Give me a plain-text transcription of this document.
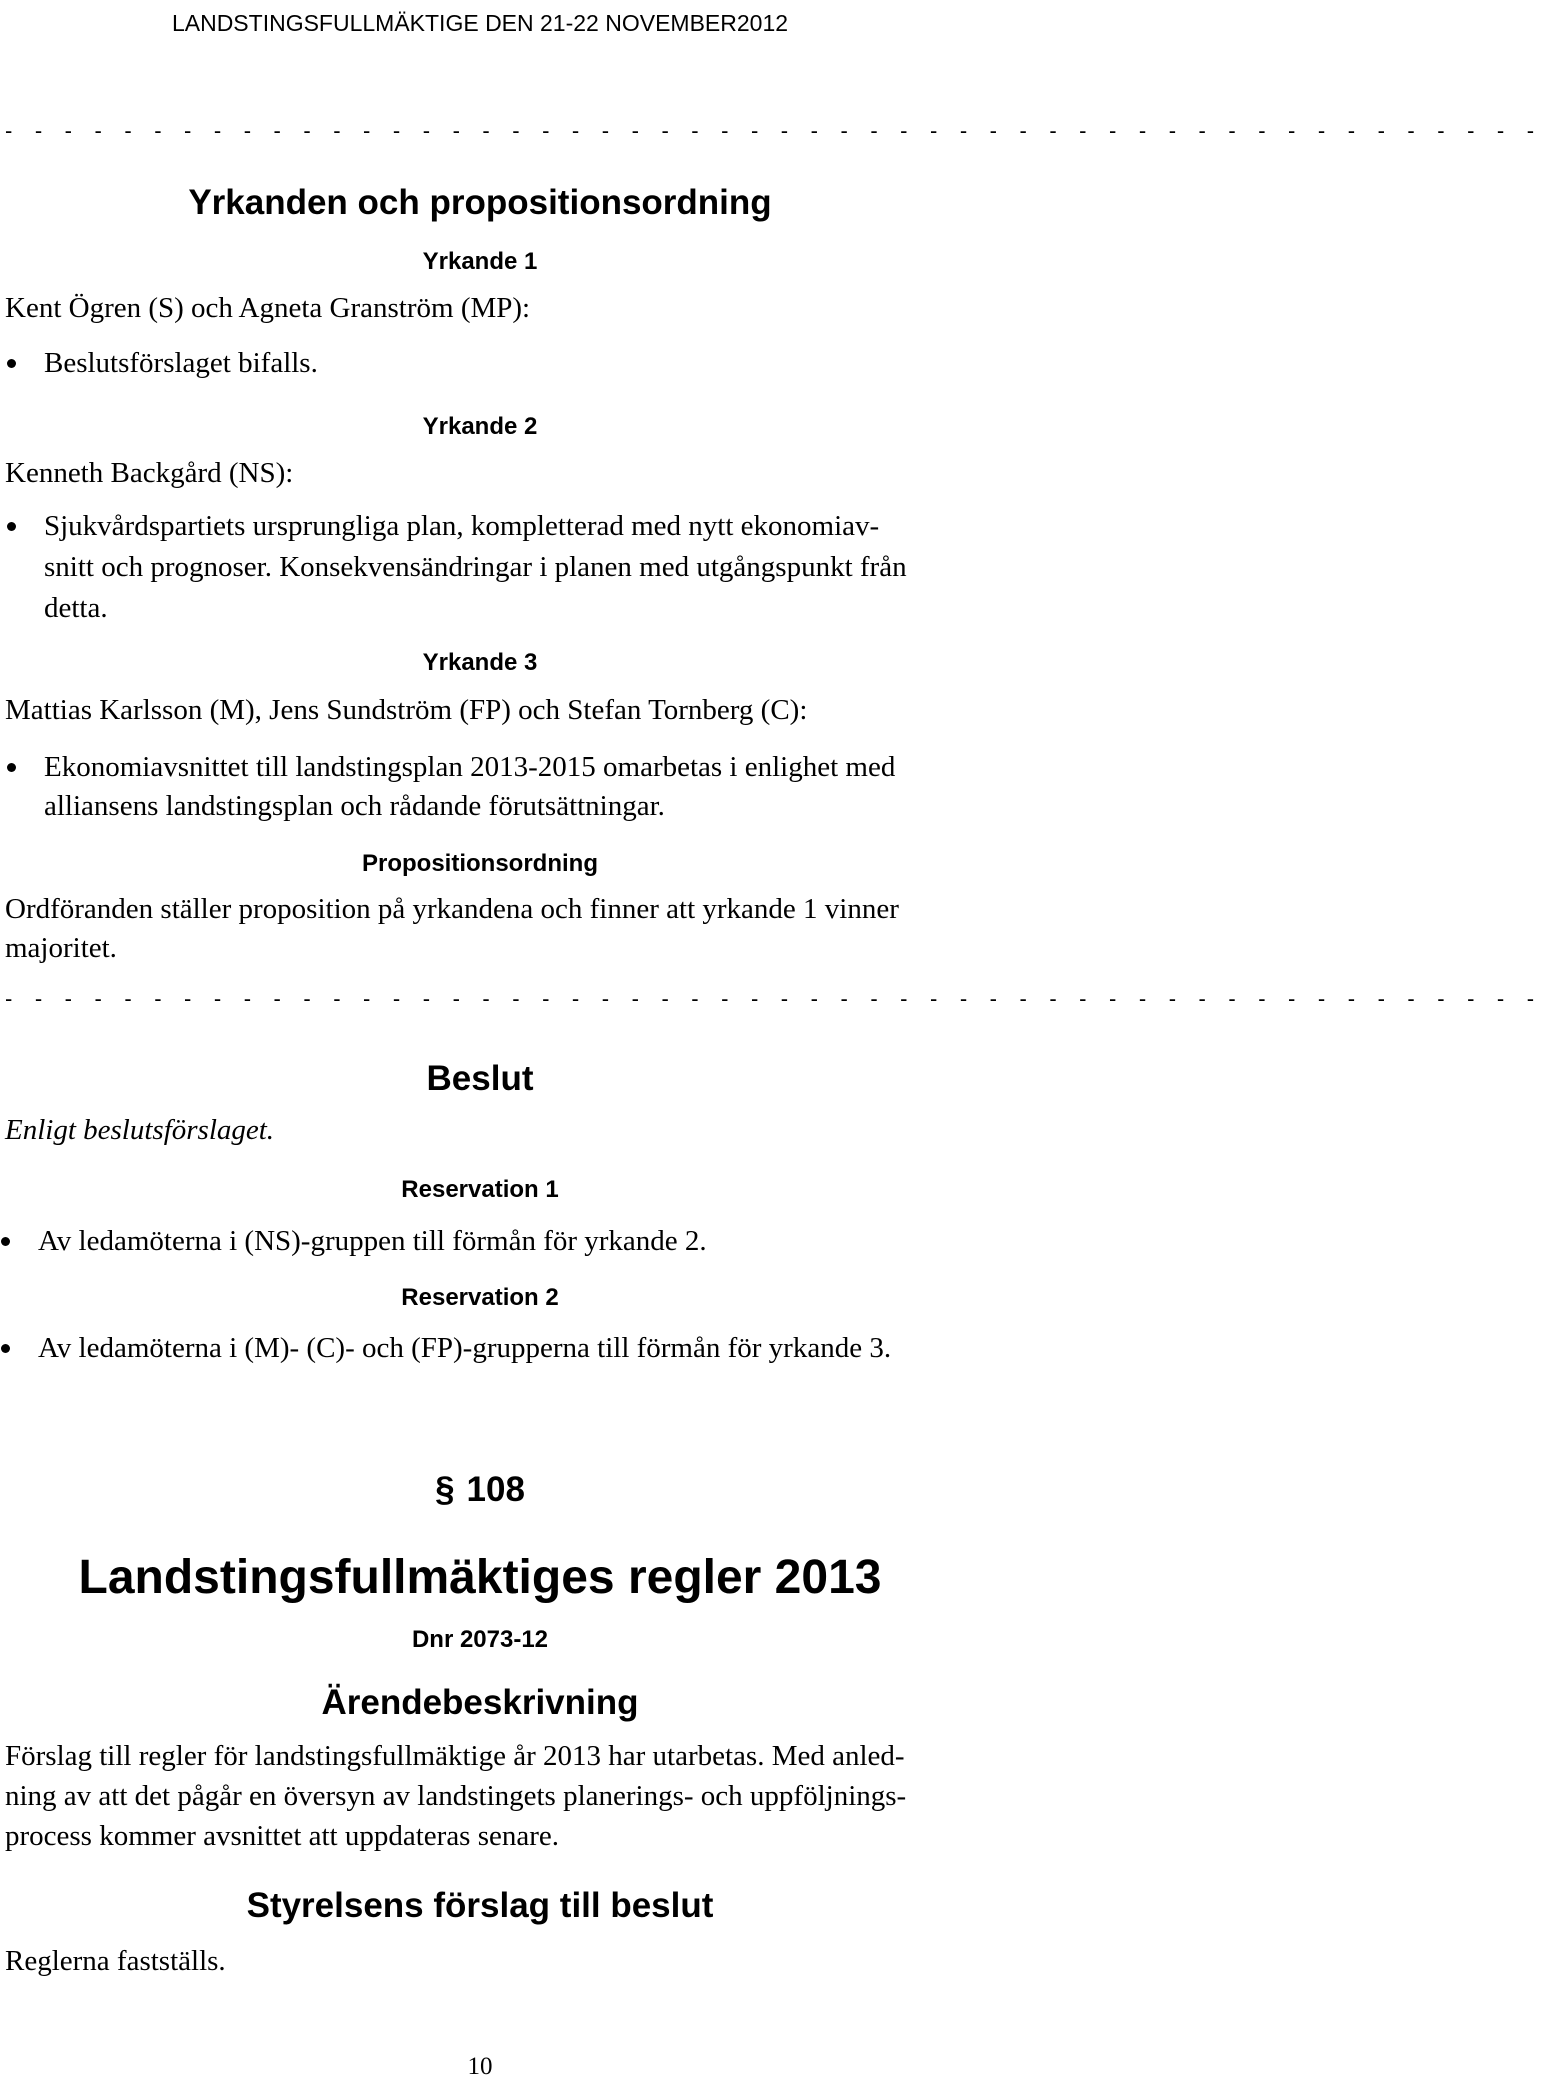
LANDSTINGSFULLMÄKTIGE DEN 21-22 NOVEMBER2012
- - - - - - - - - - - - - - - - - - - - - - - - - - - - - - - - - - - - - - - - - - - - - - - - - - - -
Yrkanden och propositionsordning
Yrkande 1
Kent Ögren (S) och Agneta Granström (MP):
Beslutsförslaget bifalls.
Yrkande 2
Kenneth Backgård (NS):
Sjukvårdspartiets ursprungliga plan, kompletterad med nytt ekonomiav-
snitt och prognoser. Konsekvensändringar i planen med utgångspunkt från
detta.
Yrkande 3
Mattias Karlsson (M), Jens Sundström (FP) och Stefan Tornberg (C):
Ekonomiavsnittet till landstingsplan 2013-2015 omarbetas i enlighet med
alliansens landstingsplan och rådande förutsättningar.
Propositionsordning
Ordföranden ställer proposition på yrkandena och finner att yrkande 1 vinner
majoritet.
- - - - - - - - - - - - - - - - - - - - - - - - - - - - - - - - - - - - - - - - - - - - - - - - - - - -
Beslut
Enligt beslutsförslaget.
Reservation 1
Av ledamöterna i (NS)-gruppen till förmån för yrkande 2.
Reservation 2
Av ledamöterna i (M)- (C)- och (FP)-grupperna till förmån för yrkande 3.
§ 108
Landstingsfullmäktiges regler 2013
Dnr 2073-12
Ärendebeskrivning
Förslag till regler för landstingsfullmäktige år 2013 har utarbetas. Med anled-
ning av att det pågår en översyn av landstingets planerings- och uppföljnings-
process kommer avsnittet att uppdateras senare.
Styrelsens förslag till beslut
Reglerna fastställs.
10
